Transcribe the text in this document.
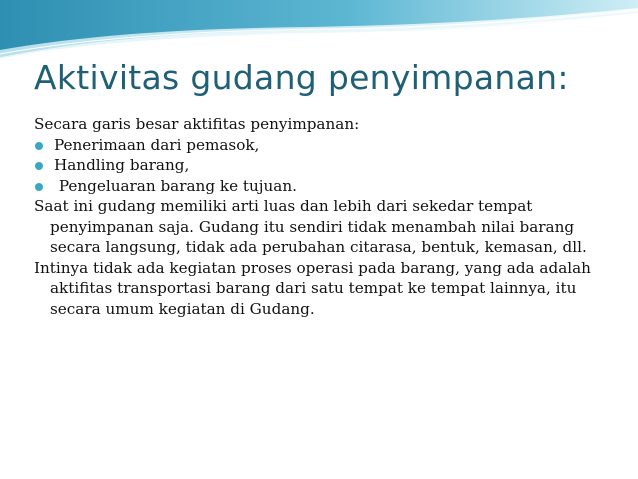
Aktivitas gudang penyimpanan:

Secara garis besar aktifitas penyimpanan:

Penerimaan dari pemasok,
Handling barang,
Pengeluaran barang ke tujuan.

Saat ini gudang memiliki arti luas dan lebih dari sekedar tempat penyimpanan saja. Gudang itu sendiri tidak menambah nilai barang secara langsung, tidak ada perubahan citarasa, bentuk, kemasan, dll.

Intinya tidak ada kegiatan proses operasi pada barang, yang ada adalah aktifitas transportasi barang dari satu tempat ke tempat lainnya, itu secara umum kegiatan di Gudang.
